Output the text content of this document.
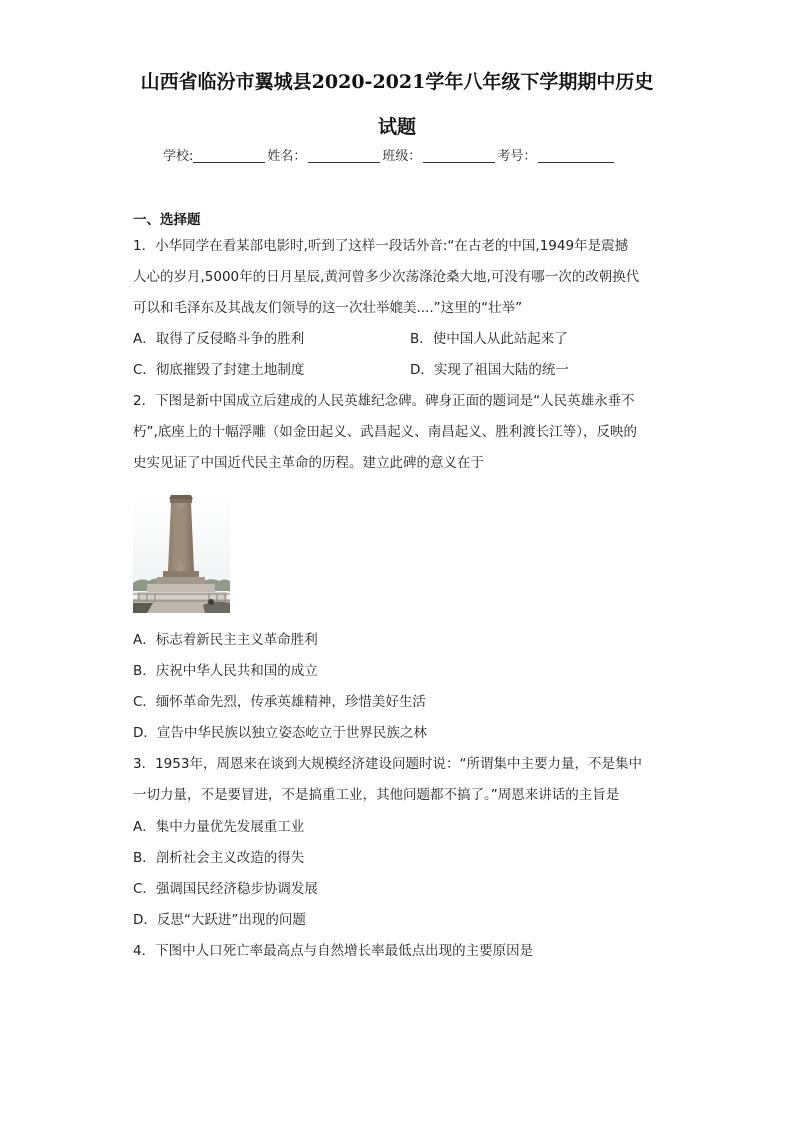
山西省临汾市翼城县2020-2021学年八年级下学期期中历史
试题
学校:	姓名：	班级：	考号：
一、选择题
1．小华同学在看某部电影时,听到了这样一段话外音:“在古老的中国,1949年是震撼
人心的岁月,5000年的日月星辰,黄河曾多少次荡涤沧桑大地,可没有哪一次的改朝换代
可以和毛泽东及其战友们领导的这一次壮举媲美....”这里的“壮举”
A．取得了反侵略斗争的胜利	B．使中国人从此站起来了
C．彻底摧毁了封建土地制度	D．实现了祖国大陆的统一
2．下图是新中国成立后建成的人民英雄纪念碑。碑身正面的题词是“人民英雄永垂不
朽”,底座上的十幅浮雕（如金田起义、武昌起义、南昌起义、胜利渡长江等），反映的
史实见证了中国近代民主革命的历程。建立此碑的意义在于
A．标志着新民主主义革命胜利
B．庆祝中华人民共和国的成立
C．缅怀革命先烈，传承英雄精神，珍惜美好生活
D．宣告中华民族以独立姿态屹立于世界民族之林
3．1953年，周恩来在谈到大规模经济建设问题时说：“所谓集中主要力量，不是集中
一切力量，不是要冒进，不是搞重工业，其他问题都不搞了。”周恩来讲话的主旨是
A．集中力量优先发展重工业
B．剖析社会主义改造的得失
C．强调国民经济稳步协调发展
D．反思“大跃进”出现的问题
4．下图中人口死亡率最高点与自然增长率最低点出现的主要原因是
